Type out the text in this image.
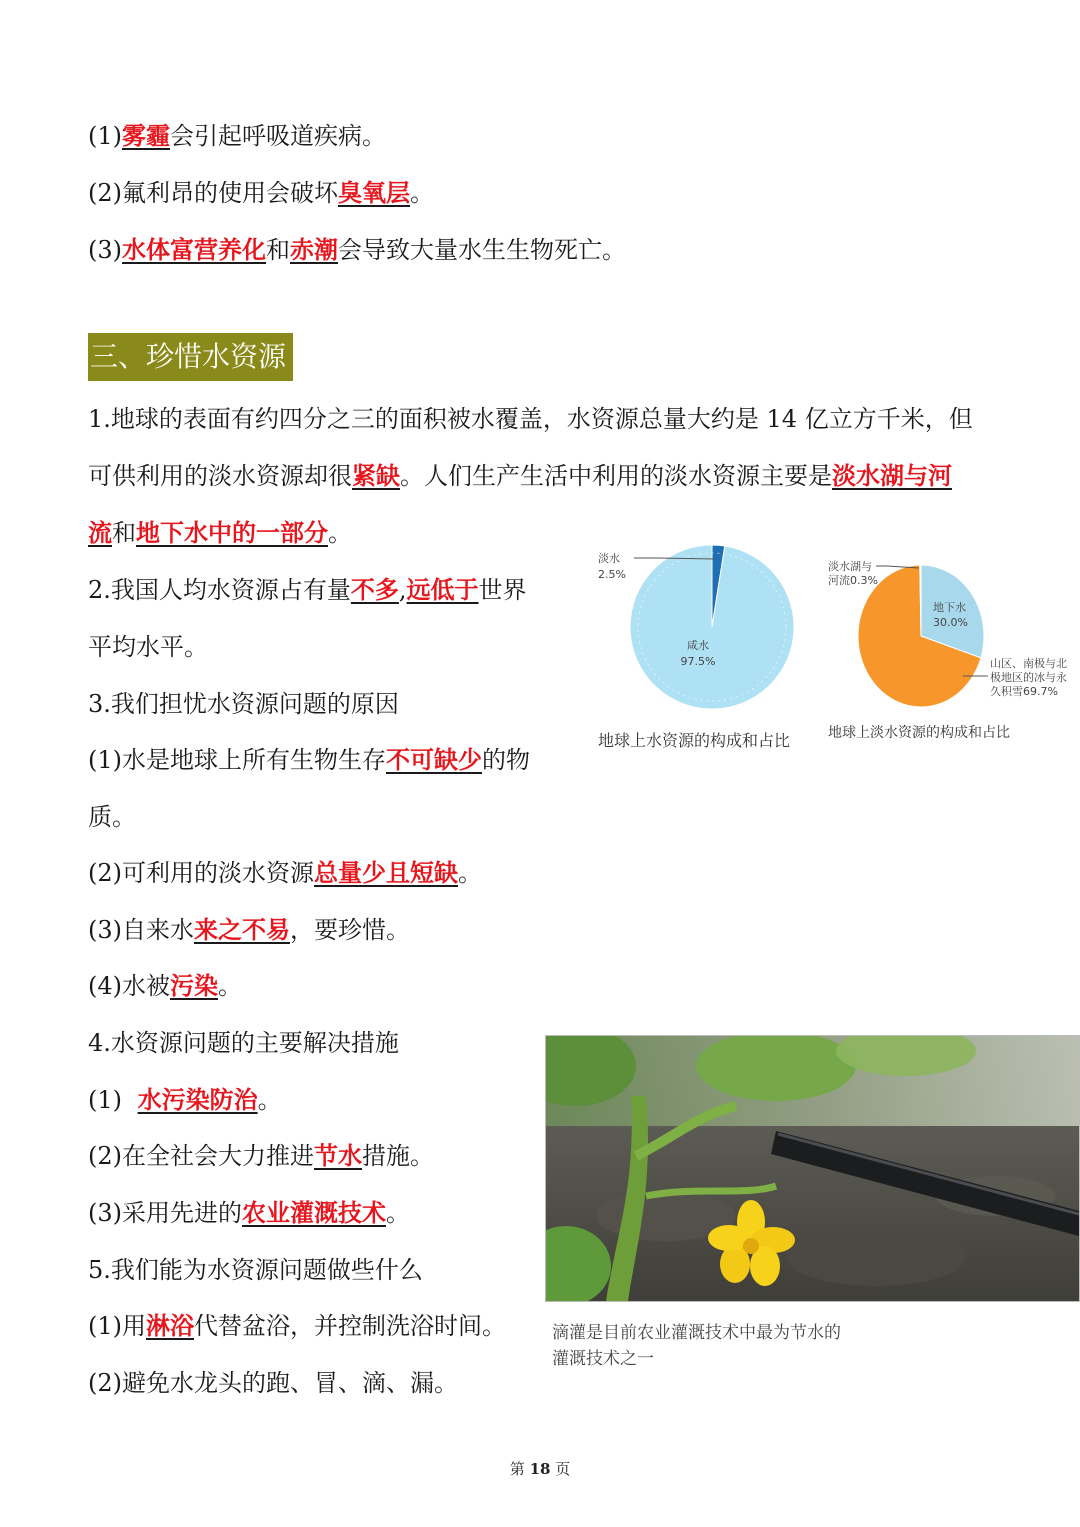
(1)雾霾会引起呼吸道疾病。
(2)氟利昂的使用会破坏臭氧层。
(3)水体富营养化和赤潮会导致大量水生生物死亡。
三、珍惜水资源
1.地球的表面有约四分之三的面积被水覆盖，水资源总量大约是 14 亿立方千米，但
可供利用的淡水资源却很紧缺。人们生产生活中利用的淡水资源主要是淡水湖与河
流和地下水中的一部分。
2.我国人均水资源占有量不多,远低于世界
平均水平。
3.我们担忧水资源问题的原因
(1)水是地球上所有生物生存不可缺少的物
质。
(2)可利用的淡水资源总量少且短缺。
(3)自来水来之不易，要珍惜。
(4)水被污染。
4.水资源问题的主要解决措施
(1) 水污染防治。
(2)在全社会大力推进节水措施。
(3)采用先进的农业灌溉技术。
5.我们能为水资源问题做些什么
(1)用淋浴代替盆浴，并控制洗浴时间。
(2)避免水龙头的跑、冒、滴、漏。
咸水
97.5%
淡水
2.5%
地下水
30.0%
淡水湖与
河流0.3%
山区、南极与北
极地区的冰与永
久积雪69.7%
地球上水资源的构成和占比	地球上淡水资源的构成和占比
滴灌是目前农业灌溉技术中最为节水的
灌溉技术之一
第 18 页
